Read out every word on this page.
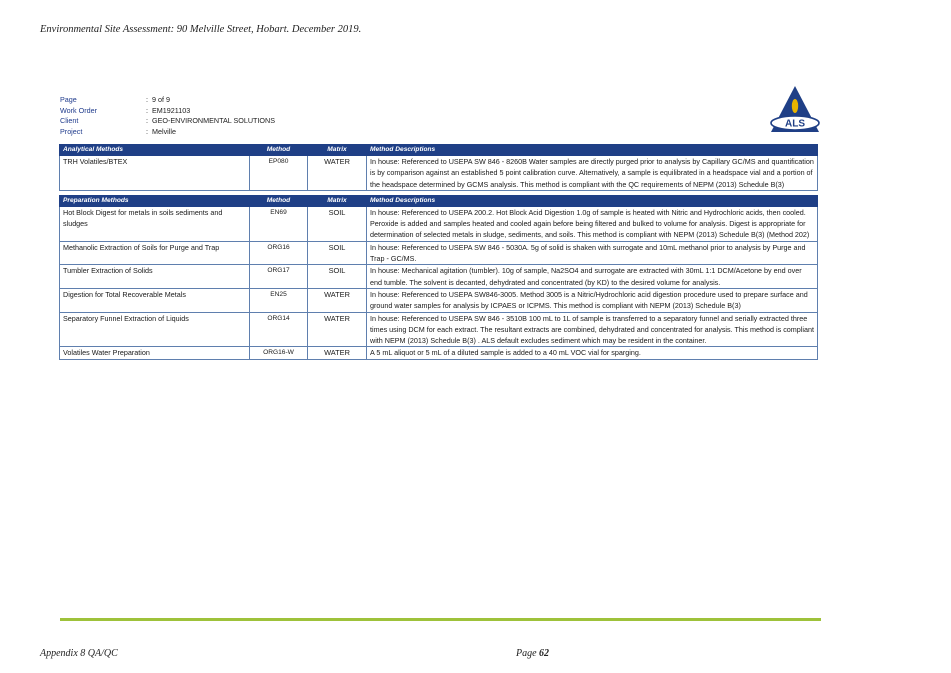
Environmental Site Assessment: 90 Melville Street, Hobart. December 2019.
Page	: 9 of 9
Work Order	: EM1921103
Client	: GEO-ENVIRONMENTAL SOLUTIONS
Project	: Melville
ALS
Analytical Methods	Method	Matrix	Method Descriptions
TRH Volatiles/BTEX	EP080	WATER	In house: Referenced to USEPA SW 846 - 8260B Water samples are directly purged prior to analysis by Capillary GC/MS and quantification is by comparison against an established 5 point calibration curve. Alternatively, a sample is equilibrated in a headspace vial and a portion of the headspace determined by GCMS analysis. This method is compliant with the QC requirements of NEPM (2013) Schedule B(3)

Preparation Methods	Method	Matrix	Method Descriptions
Hot Block Digest for metals in soils sediments and sludges	EN69	SOIL	In house: Referenced to USEPA 200.2. Hot Block Acid Digestion 1.0g of sample is heated with Nitric and Hydrochloric acids, then cooled. Peroxide is added and samples heated and cooled again before being filtered and bulked to volume for analysis. Digest is appropriate for determination of selected metals in sludge, sediments, and soils. This method is compliant with NEPM (2013) Schedule B(3) (Method 202)
Methanolic Extraction of Soils for Purge and Trap	ORG16	SOIL	In house: Referenced to USEPA SW 846 - 5030A. 5g of solid is shaken with surrogate and 10mL methanol prior to analysis by Purge and Trap - GC/MS.
Tumbler Extraction of Solids	ORG17	SOIL	In house: Mechanical agitation (tumbler). 10g of sample, Na2SO4 and surrogate are extracted with 30mL 1:1 DCM/Acetone by end over end tumble. The solvent is decanted, dehydrated and concentrated (by KD) to the desired volume for analysis.
Digestion for Total Recoverable Metals	EN25	WATER	In house: Referenced to USEPA SW846-3005. Method 3005 is a Nitric/Hydrochloric acid digestion procedure used to prepare surface and ground water samples for analysis by ICPAES or ICPMS. This method is compliant with NEPM (2013) Schedule B(3)
Separatory Funnel Extraction of Liquids	ORG14	WATER	In house: Referenced to USEPA SW 846 - 3510B 100 mL to 1L of sample is transferred to a separatory funnel and serially extracted three times using DCM for each extract. The resultant extracts are combined, dehydrated and concentrated for analysis. This method is compliant with NEPM (2013) Schedule B(3) . ALS default excludes sediment which may be resident in the container.
Volatiles Water Preparation	ORG16-W	WATER	A 5 mL aliquot or 5 mL of a diluted sample is added to a 40 mL VOC vial for sparging.
Appendix 8 QA/QC	Page 62
